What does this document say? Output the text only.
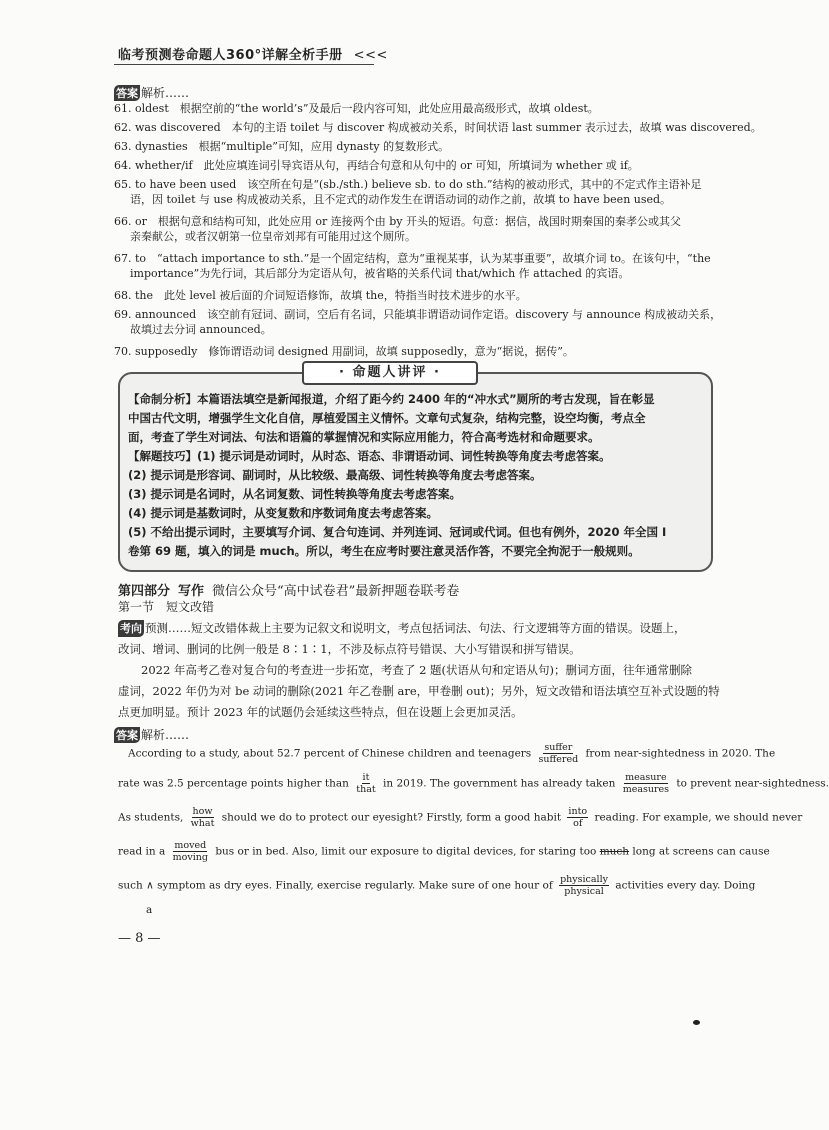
临考预测卷命题人360°详解全析手册 <<<
答案 解析……
61. oldest　根据空前的“the world’s”及最后一段内容可知，此处应用最高级形式，故填 oldest。
62. was discovered　本句的主语 toilet 与 discover 构成被动关系，时间状语 last summer 表示过去，故填 was discovered。
63. dynasties　根据“multiple”可知，应用 dynasty 的复数形式。
64. whether/if　此处应填连词引导宾语从句，再结合句意和从句中的 or 可知，所填词为 whether 或 if。
65. to have been used　该空所在句是“(sb./sth.) believe sb. to do sth.”结构的被动形式，其中的不定式作主语补足
语，因 toilet 与 use 构成被动关系，且不定式的动作发生在谓语动词的动作之前，故填 to have been used。
66. or　根据句意和结构可知，此处应用 or 连接两个由 by 开头的短语。句意：据信，战国时期秦国的秦孝公或其父
亲秦献公，或者汉朝第一位皇帝刘邦有可能用过这个厕所。
67. to　“attach importance to sth.”是一个固定结构，意为“重视某事，认为某事重要”，故填介词 to。在该句中，“the
importance”为先行词，其后部分为定语从句，被省略的关系代词 that/which 作 attached 的宾语。
68. the　此处 level 被后面的介词短语修饰，故填 the，特指当时技术进步的水平。
69. announced　该空前有冠词、副词，空后有名词，只能填非谓语动词作定语。discovery 与 announce 构成被动关系，
故填过去分词 announced。
70. supposedly　修饰谓语动词 designed 用副词，故填 supposedly，意为“据说，据传”。
· 命题人讲评 ·
【命制分析】本篇语法填空是新闻报道，介绍了距今约 2400 年的“冲水式”厕所的考古发现，旨在彰显
中国古代文明，增强学生文化自信，厚植爱国主义情怀。文章句式复杂，结构完整，设空均衡，考点全
面，考查了学生对词法、句法和语篇的掌握情况和实际应用能力，符合高考选材和命题要求。
【解题技巧】(1) 提示词是动词时，从时态、语态、非谓语动词、词性转换等角度去考虑答案。
(2) 提示词是形容词、副词时，从比较级、最高级、词性转换等角度去考虑答案。
(3) 提示词是名词时，从名词复数、词性转换等角度去考虑答案。
(4) 提示词是基数词时，从变复数和序数词角度去考虑答案。
(5) 不给出提示词时，主要填写介词、复合句连词、并列连词、冠词或代词。但也有例外，2020 年全国 I
卷第 69 题，填入的词是 much。所以，考生在应考时要注意灵活作答，不要完全拘泥于一般规则。
第四部分 写作 微信公众号“高中试卷君”最新押题卷联考卷
第一节　短文改错
考向 预测……短文改错体裁上主要为记叙文和说明文，考点包括词法、句法、行文逻辑等方面的错误。设题上，
改词、增词、删词的比例一般是 8∶1∶1，不涉及标点符号错误、大小写错误和拼写错误。
　　2022 年高考乙卷对复合句的考查进一步拓宽，考查了 2 题(状语从句和定语从句)；删词方面，往年通常删除
虚词，2022 年仍为对 be 动词的删除(2021 年乙卷删 are，甲卷删 out)；另外，短文改错和语法填空互补式设题的特
点更加明显。预计 2023 年的试题仍会延续这些特点，但在设题上会更加灵活。
答案 解析……
According to a study, about 52.7 percent of Chinese children and teenagers $\frac{\text{suffer}}{\text{suffered}}$ from near-sightedness in 2020. The
rate was 2.5 percentage points higher than $\frac{it}{\text{that}}$ in 2019. The government has already taken $\frac{\text{measure}}{\text{measures}}$ to prevent near-sightedness.
As students, $\frac{\text{how}}{\text{what}}$ should we do to protect our eyesight? Firstly, form a good habit $\frac{\text{into}}{of}$ reading. For example, we should never
read in a $\frac{\text{moved}}{\text{moving}}$ bus or in bed. Also, limit our exposure to digital devices, for staring too much long at screens can cause
such ∧ symptom as dry eyes. Finally, exercise regularly. Make sure of one hour of $\frac{\text{physically}}{\text{physical}}$ activities every day. Doing
a
— 8 —
